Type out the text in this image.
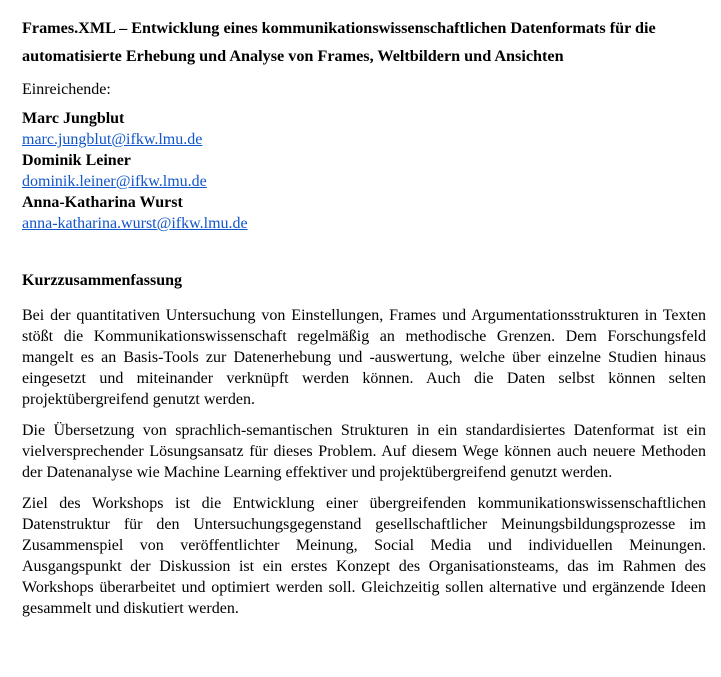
Frames.XML – Entwicklung eines kommunikationswissenschaftlichen Datenformats für die automatisierte Erhebung und Analyse von Frames, Weltbildern und Ansichten

Einreichende:

Marc Jungblut
marc.jungblut@ifkw.lmu.de
Dominik Leiner
dominik.leiner@ifkw.lmu.de
Anna-Katharina Wurst
anna-katharina.wurst@ifkw.lmu.de
Kurzzusammenfassung

Bei der quantitativen Untersuchung von Einstellungen, Frames und Argumentationsstrukturen in Texten stößt die Kommunikationswissenschaft regelmäßig an methodische Grenzen. Dem Forschungsfeld mangelt es an Basis-Tools zur Datenerhebung und -auswertung, welche über einzelne Studien hinaus eingesetzt und miteinander verknüpft werden können. Auch die Daten selbst können selten projektübergreifend genutzt werden.

Die Übersetzung von sprachlich-semantischen Strukturen in ein standardisiertes Datenformat ist ein vielversprechender Lösungsansatz für dieses Problem. Auf diesem Wege können auch neuere Methoden der Datenanalyse wie Machine Learning effektiver und projektübergreifend genutzt werden.

Ziel des Workshops ist die Entwicklung einer übergreifenden kommunikationswissenschaftlichen Datenstruktur für den Untersuchungsgegenstand gesellschaftlicher Meinungsbildungsprozesse im Zusammenspiel von veröffentlichter Meinung, Social Media und individuellen Meinungen. Ausgangspunkt der Diskussion ist ein erstes Konzept des Organisationsteams, das im Rahmen des Workshops überarbeitet und optimiert werden soll. Gleichzeitig sollen alternative und ergänzende Ideen gesammelt und diskutiert werden.
